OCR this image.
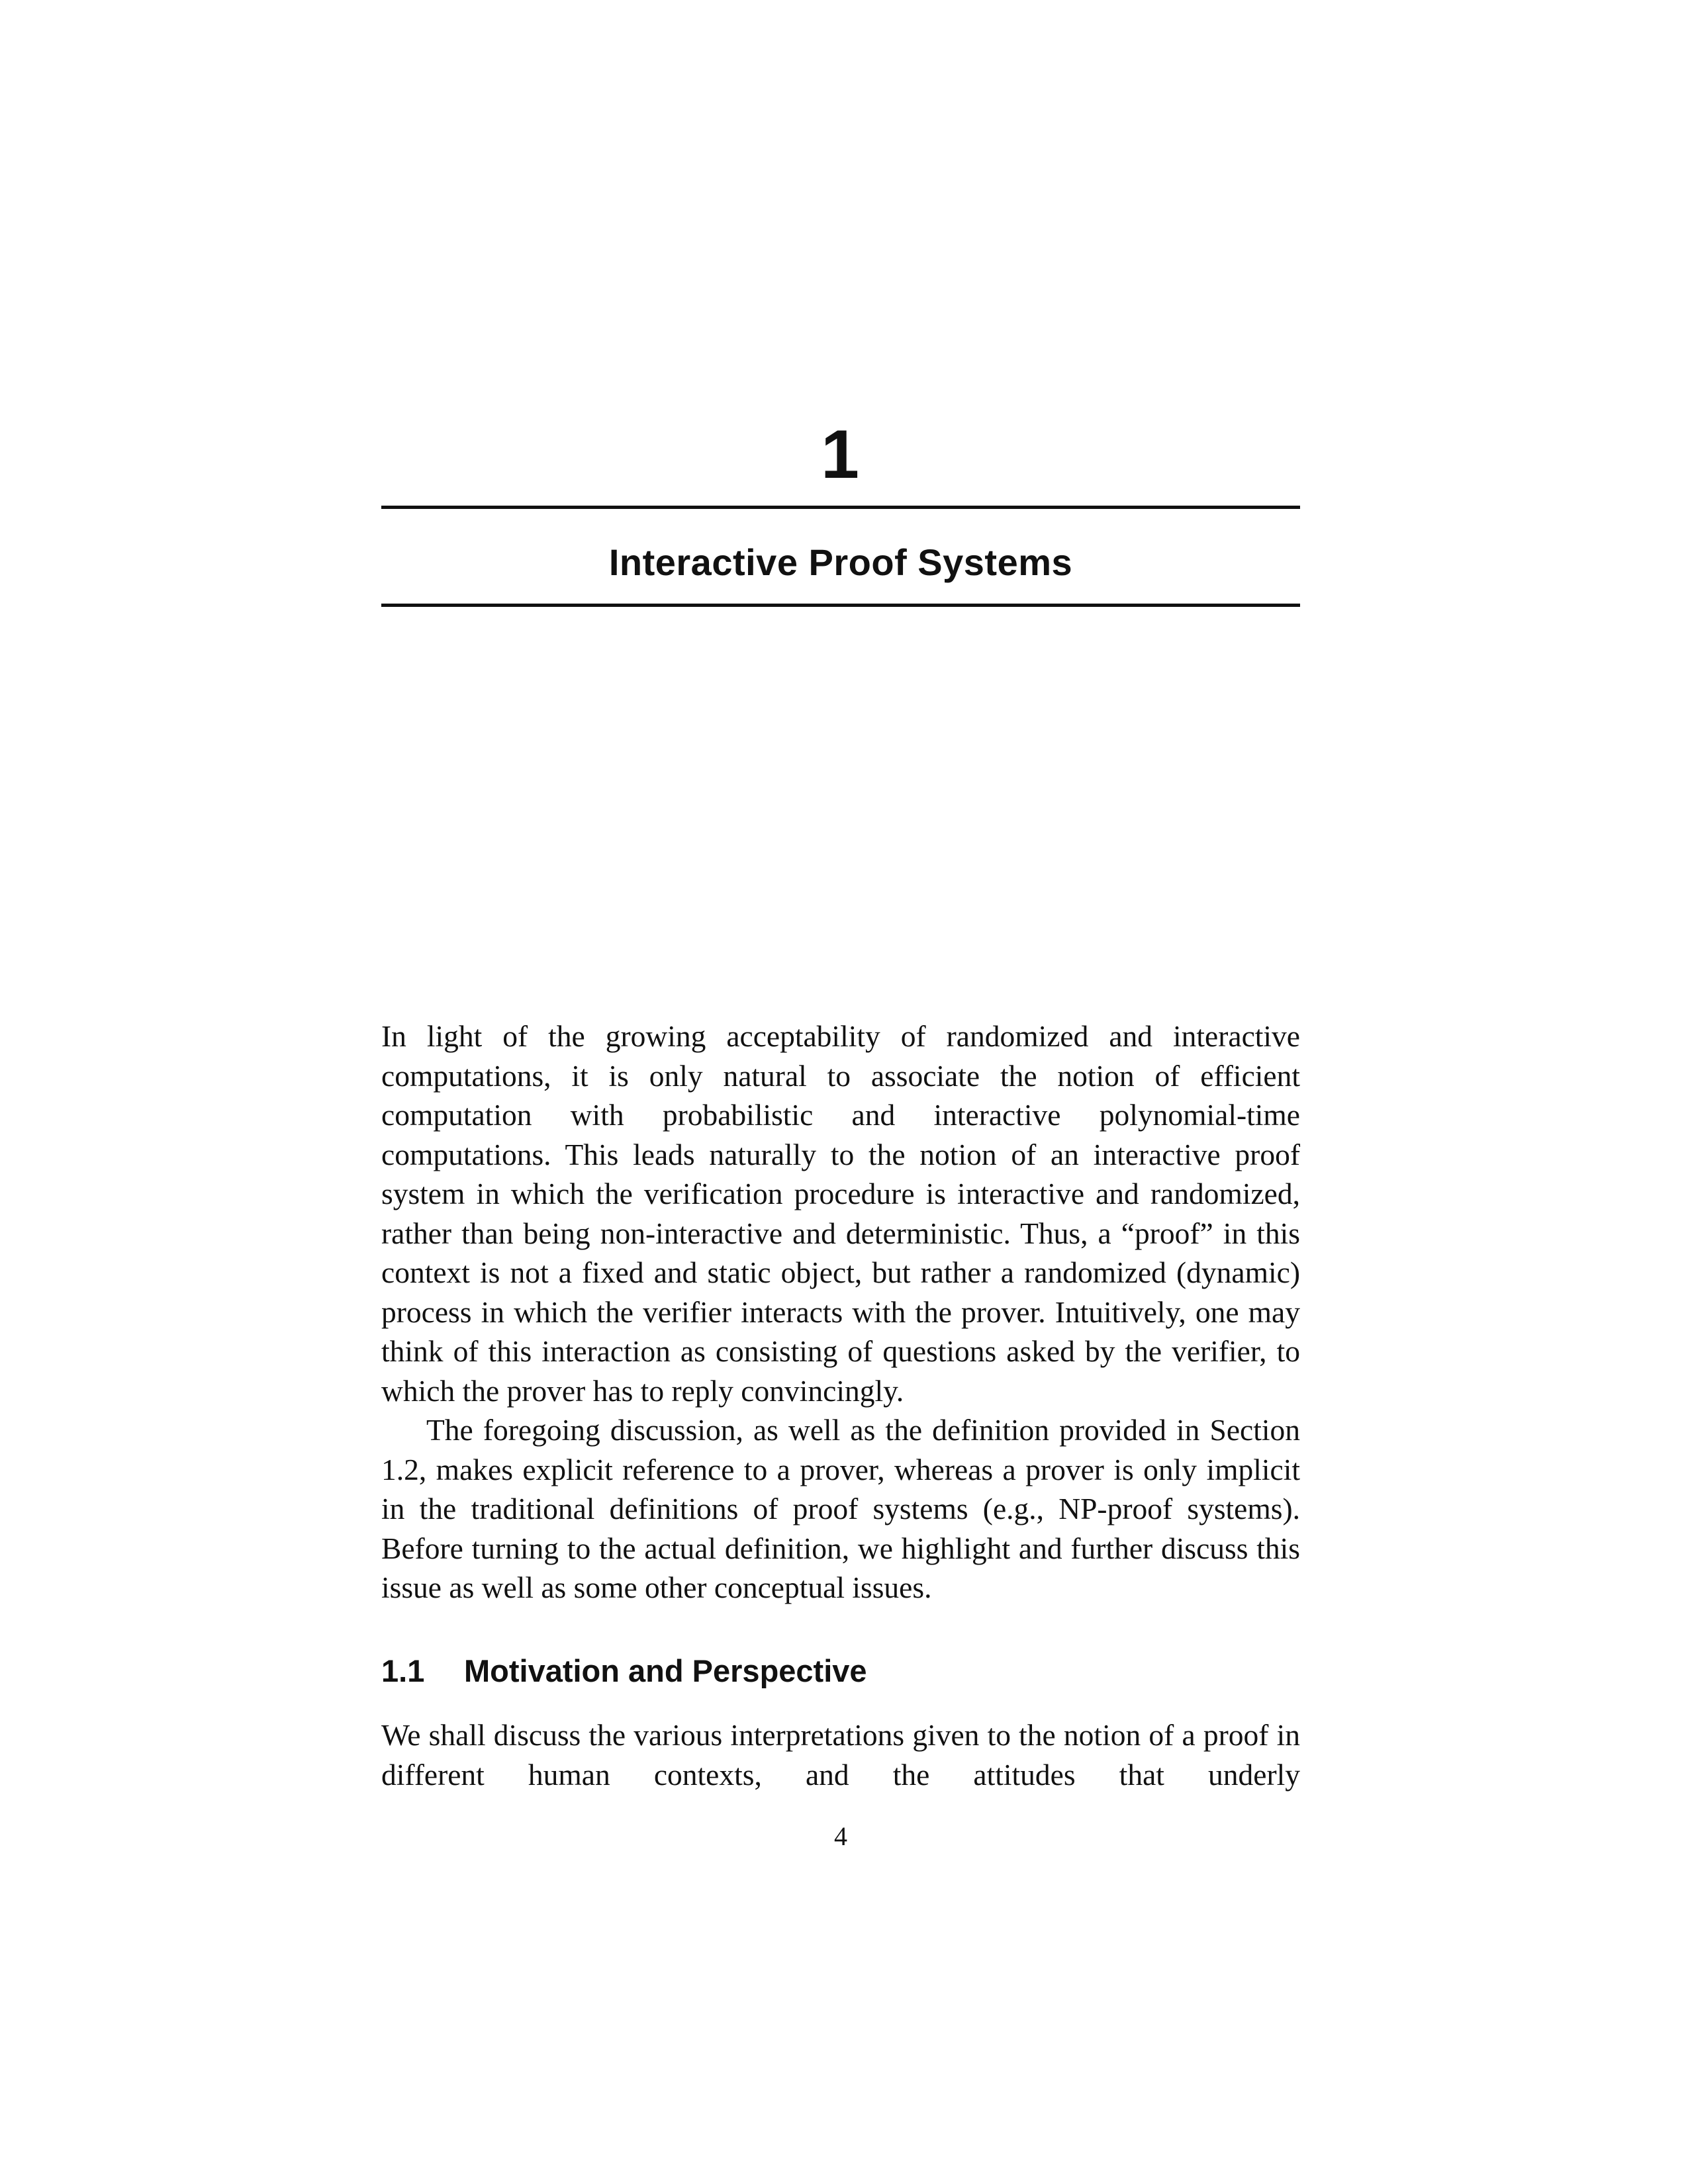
1
Interactive Proof Systems

In light of the growing acceptability of randomized and interactive computations, it is only natural to associate the notion of efficient computation with probabilistic and interactive polynomial-time computations. This leads naturally to the notion of an interactive proof system in which the verification procedure is interactive and randomized, rather than being non-interactive and deterministic. Thus, a “proof” in this context is not a fixed and static object, but rather a randomized (dynamic) process in which the verifier interacts with the prover. Intuitively, one may think of this interaction as consisting of questions asked by the verifier, to which the prover has to reply convincingly.

The foregoing discussion, as well as the definition provided in Section 1.2, makes explicit reference to a prover, whereas a prover is only implicit in the traditional definitions of proof systems (e.g., NP-proof systems). Before turning to the actual definition, we highlight and further discuss this issue as well as some other conceptual issues.

1.1 Motivation and Perspective

We shall discuss the various interpretations given to the notion of a proof in different human contexts, and the attitudes that underly

4
